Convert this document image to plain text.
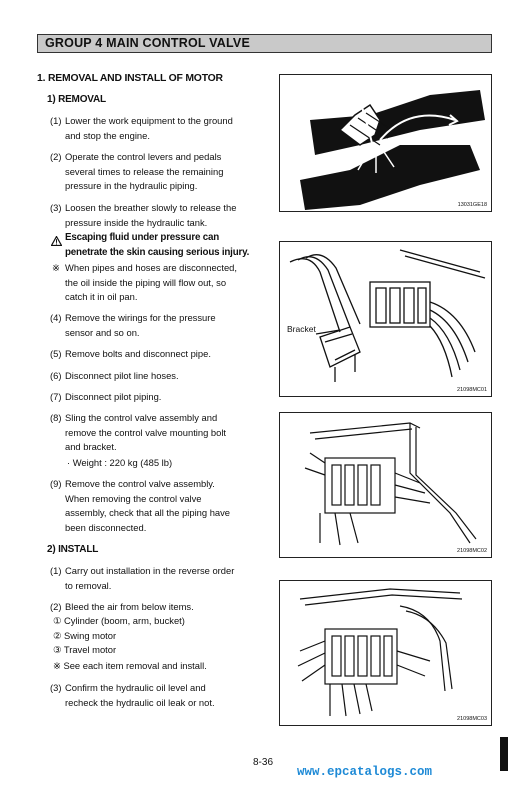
GROUP 4 MAIN CONTROL VALVE
1. REMOVAL AND INSTALL OF MOTOR
1) REMOVAL
(1) Lower the work equipment to the ground
and stop the engine.
(2) Operate the control levers and pedals
several times to release the remaining
pressure in the hydraulic piping.
(3) Loosen the breather slowly to release the
pressure inside the hydraulic tank.
Escaping fluid under pressure can
penetrate the skin causing serious injury.
※ When pipes and hoses are disconnected,
the oil inside the piping will flow out, so
catch it in oil pan.
(4) Remove the wirings for the pressure
sensor and so on.
(5) Remove bolts and disconnect pipe.
(6) Disconnect pilot line hoses.
(7) Disconnect pilot piping.
(8) Sling the control valve assembly and
remove the control valve mounting bolt
and bracket.
· Weight : 220 kg (485 lb)
(9) Remove the control valve assembly.
When removing the control valve
assembly, check that all the piping have
been disconnected.
2) INSTALL
(1) Carry out installation in the reverse order
to removal.
(2) Bleed the air from below items.
① Cylinder (boom, arm, bucket)
② Swing motor
③ Travel motor
※ See each item removal and install.
(3) Confirm the hydraulic oil level and
recheck the hydraulic oil leak or not.
13031GE18
Bracket
21098MC01
21098MC02
21098MC03
8-36
www.epcatalogs.com
